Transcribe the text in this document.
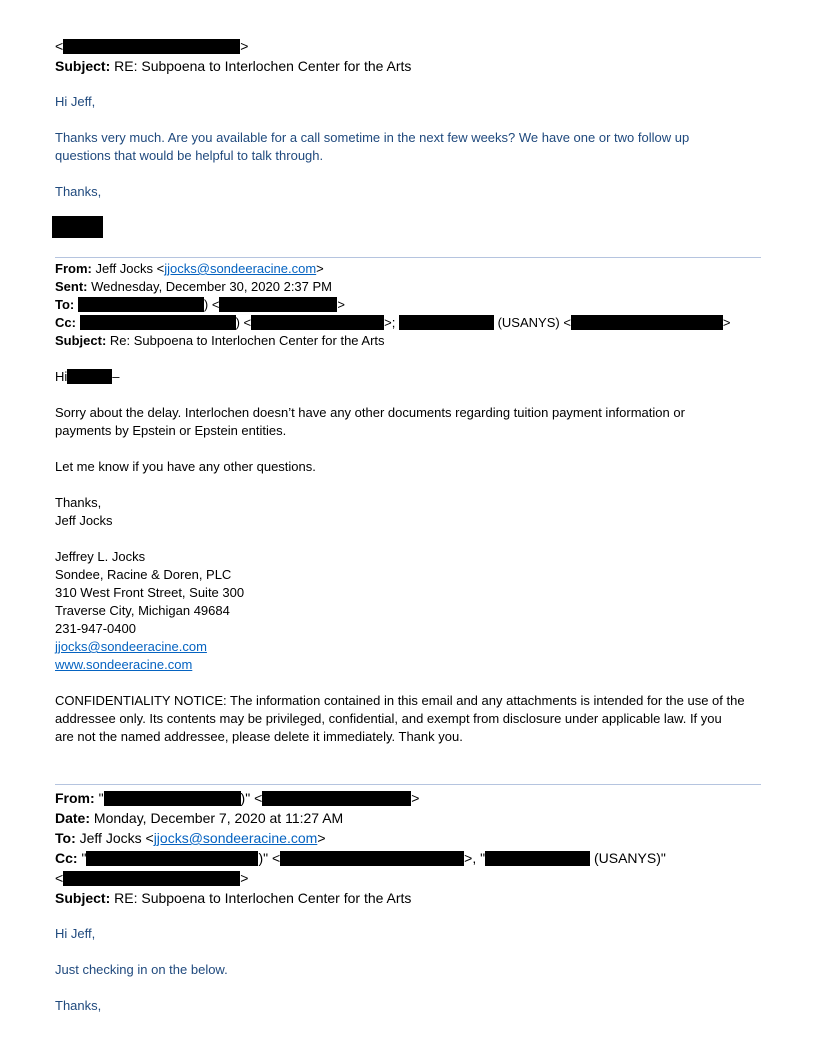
<	>
Subject: RE: Subpoena to Interlochen Center for the Arts
Hi Jeff,
Thanks very much. Are you available for a call sometime in the next few weeks? We have one or two follow up
questions that would be helpful to talk through.
Thanks,
From: Jeff Jocks <jjocks@sondeeracine.com>
Sent: Wednesday, December 30, 2020 2:37 PM
To:	) <	>
Cc:	) <	>;	(USANYS) <	>
Subject: Re: Subpoena to Interlochen Center for the Arts
Hi	–
Sorry about the delay. Interlochen doesn’t have any other documents regarding tuition payment information or
payments by Epstein or Epstein entities.
Let me know if you have any other questions.
Thanks,
Jeff Jocks
Jeffrey L. Jocks
Sondee, Racine & Doren, PLC
310 West Front Street, Suite 300
Traverse City, Michigan 49684
231-947-0400
jjocks@sondeeracine.com
www.sondeeracine.com
CONFIDENTIALITY NOTICE: The information contained in this email and any attachments is intended for the use of the
addressee only. Its contents may be privileged, confidential, and exempt from disclosure under applicable law. If you
are not the named addressee, please delete it immediately. Thank you.
From: "	)" <	>
Date: Monday, December 7, 2020 at 11:27 AM
To: Jeff Jocks <jjocks@sondeeracine.com>
Cc: "	)" <	>, "	(USANYS)"
<	>
Subject: RE: Subpoena to Interlochen Center for the Arts
Hi Jeff,
Just checking in on the below.
Thanks,
